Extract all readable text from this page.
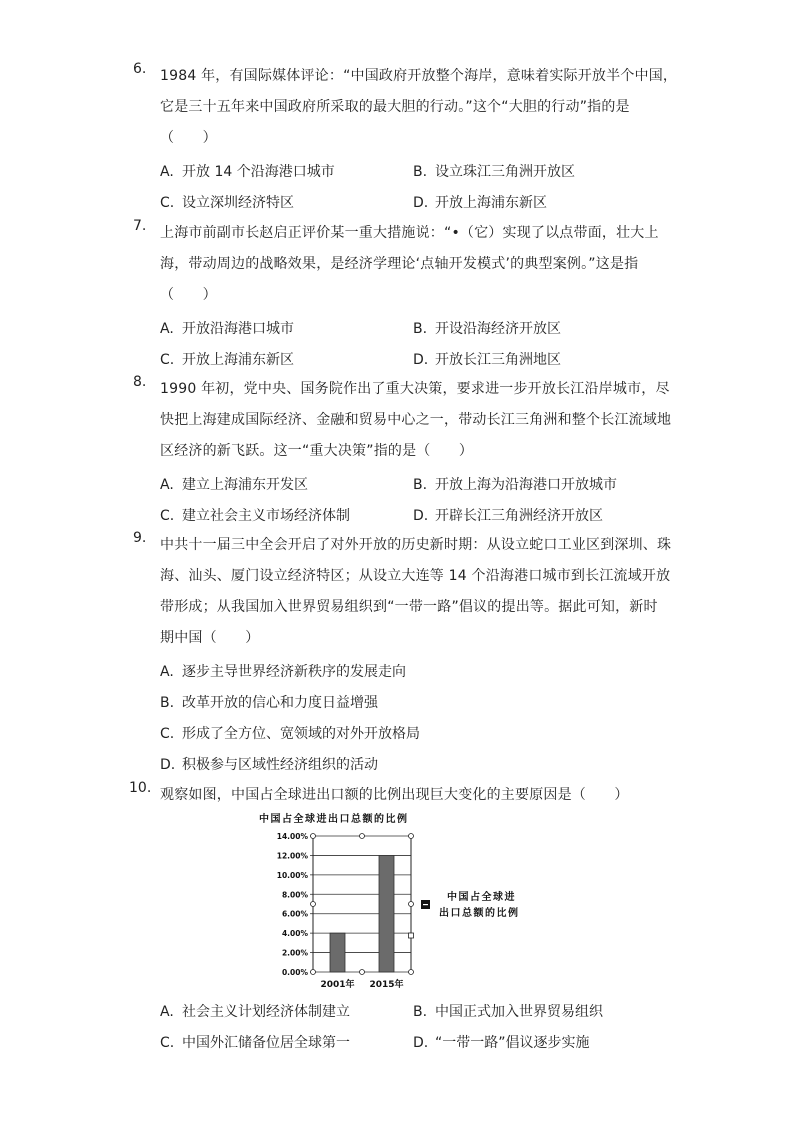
6. 1984 年，有国际媒体评论：“中国政府开放整个海岸，意味着实际开放半个中国，
它是三十五年来中国政府所采取的最大胆的行动。”这个“大胆的行动”指的是
（　　）
A. 开放 14 个沿海港口城市	B. 设立珠江三角洲开放区
C. 设立深圳经济特区	D. 开放上海浦东新区
7. 上海市前副市长赵启正评价某一重大措施说：“•（它）实现了以点带面，壮大上
海，带动周边的战略效果，是经济学理论‘点轴开发模式’的典型案例。”这是指
（　　）
A. 开放沿海港口城市	B. 开设沿海经济开放区
C. 开放上海浦东新区	D. 开放长江三角洲地区
8. 1990 年初，党中央、国务院作出了重大决策，要求进一步开放长江沿岸城市，尽
快把上海建成国际经济、金融和贸易中心之一，带动长江三角洲和整个长江流域地
区经济的新飞跃。这一“重大决策”指的是（　　）
A. 建立上海浦东开发区	B. 开放上海为沿海港口开放城市
C. 建立社会主义市场经济体制	D. 开辟长江三角洲经济开放区
9. 中共十一届三中全会开启了对外开放的历史新时期：从设立蛇口工业区到深圳、珠
海、汕头、厦门设立经济特区；从设立大连等 14 个沿海港口城市到长江流域开放
带形成；从我国加入世界贸易组织到“一带一路”倡议的提出等。据此可知，新时
期中国（　　）
A. 逐步主导世界经济新秩序的发展走向
B. 改革开放的信心和力度日益增强
C. 形成了全方位、宽领域的对外开放格局
D. 积极参与区域性经济组织的活动
10. 观察如图，中国占全球进出口额的比例出现巨大变化的主要原因是（　　）
中国占全球进出口总额的比例
0.00%
2.00%
4.00%
6.00%
8.00%
10.00%
12.00%
14.00%
2001年 2015年
中国占全球进
出口总额的比例
A. 社会主义计划经济体制建立	B. 中国正式加入世界贸易组织
C. 中国外汇储备位居全球第一	D. “一带一路”倡议逐步实施
